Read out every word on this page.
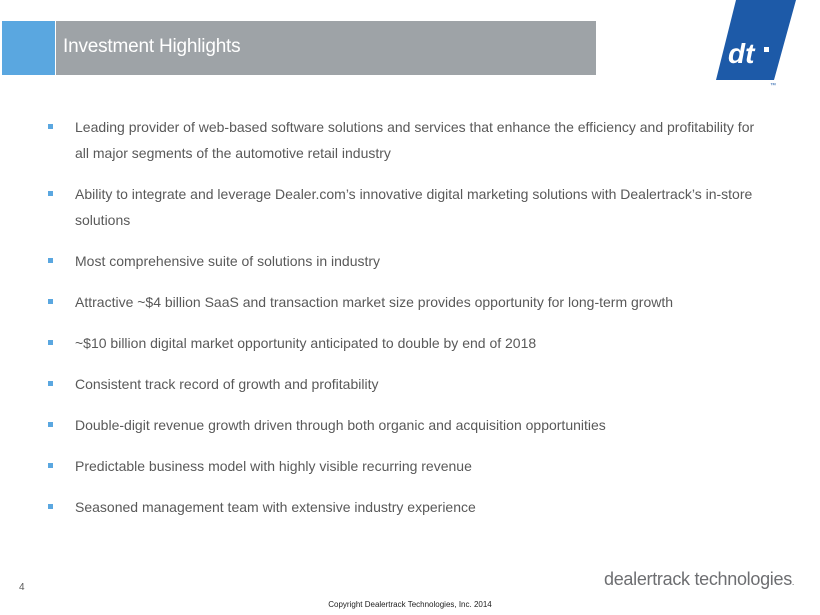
Investment Highlights	dt
™
Leading provider of web-based software solutions and services that enhance the efficiency and profitability for all major segments of the automotive retail industry
Ability to integrate and leverage Dealer.com’s innovative digital marketing solutions with Dealertrack’s in-store solutions
Most comprehensive suite of solutions in industry
Attractive ~$4 billion SaaS and transaction market size provides opportunity for long-term growth
~$10 billion digital market opportunity anticipated to double by end of 2018
Consistent track record of growth and profitability
Double-digit revenue growth driven through both organic and acquisition opportunities
Predictable business model with highly visible recurring revenue
Seasoned management team with extensive industry experience
4	dealertrack technologies.
Copyright Dealertrack Technologies, Inc. 2014
